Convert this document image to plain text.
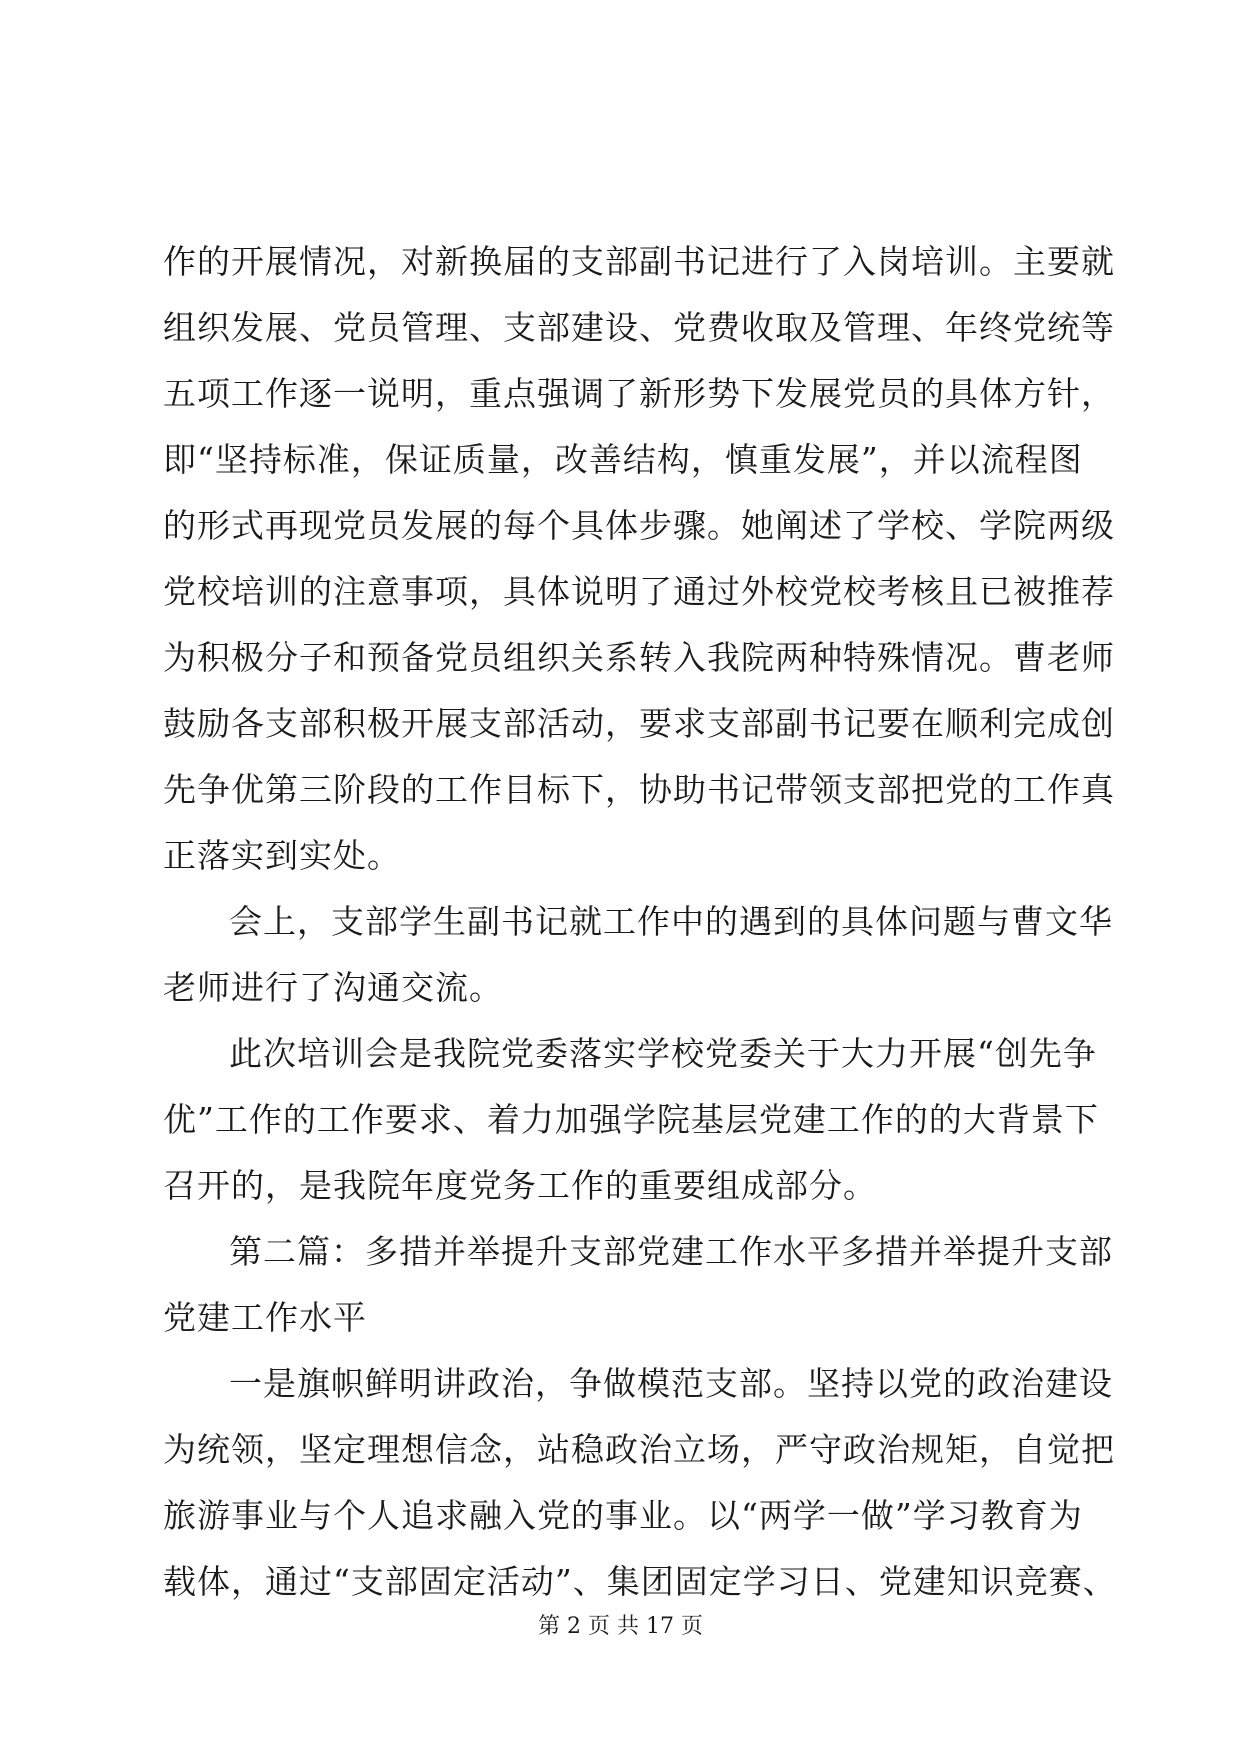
作的开展情况，对新换届的支部副书记进行了入岗培训。主要就
组织发展、党员管理、支部建设、党费收取及管理、年终党统等
五项工作逐一说明，重点强调了新形势下发展党员的具体方针，
即“坚持标准，保证质量，改善结构，慎重发展”，并以流程图
的形式再现党员发展的每个具体步骤。她阐述了学校、学院两级
党校培训的注意事项，具体说明了通过外校党校考核且已被推荐
为积极分子和预备党员组织关系转入我院两种特殊情况。曹老师
鼓励各支部积极开展支部活动，要求支部副书记要在顺利完成创
先争优第三阶段的工作目标下，协助书记带领支部把党的工作真
正落实到实处。
会上，支部学生副书记就工作中的遇到的具体问题与曹文华
老师进行了沟通交流。
此次培训会是我院党委落实学校党委关于大力开展“创先争
优”工作的工作要求、着力加强学院基层党建工作的的大背景下
召开的，是我院年度党务工作的重要组成部分。
第二篇：多措并举提升支部党建工作水平多措并举提升支部
党建工作水平
一是旗帜鲜明讲政治，争做模范支部。坚持以党的政治建设
为统领，坚定理想信念，站稳政治立场，严守政治规矩，自觉把
旅游事业与个人追求融入党的事业。以“两学一做”学习教育为
载体，通过“支部固定活动”、集团固定学习日、党建知识竞赛、
第 2 页 共 17 页
